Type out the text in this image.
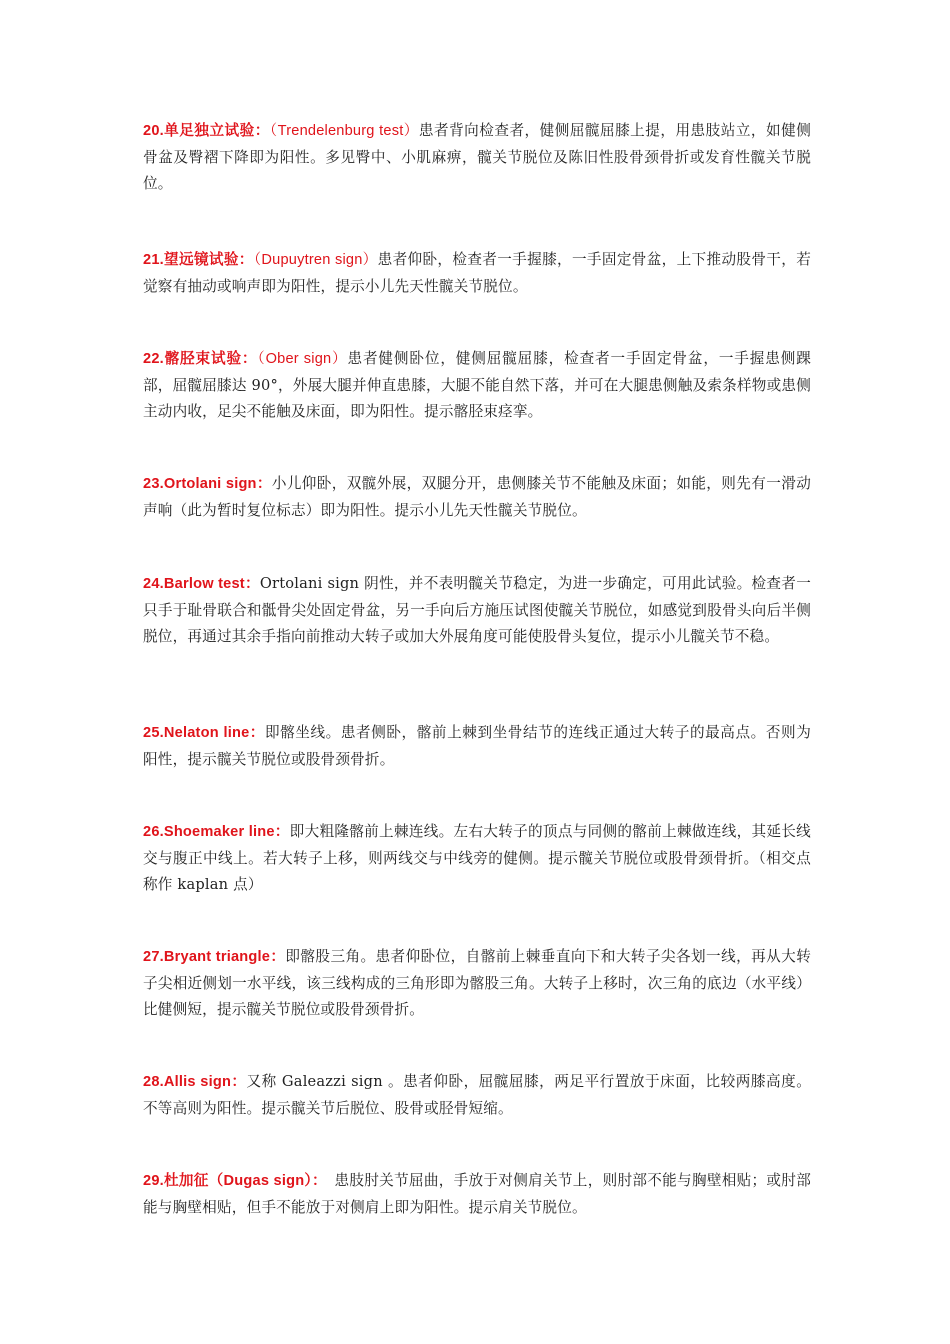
20.单足独立试验：（Trendelenburg test）患者背向检查者，健侧屈髋屈膝上提，用患肢站立，如健侧骨盆及臀褶下降即为阳性。多见臀中、小肌麻痹，髋关节脱位及陈旧性股骨颈骨折或发育性髋关节脱位。

21.望远镜试验：（Dupuytren sign）患者仰卧，检查者一手握膝，一手固定骨盆，上下推动股骨干，若觉察有抽动或响声即为阳性，提示小儿先天性髋关节脱位。

22.髂胫束试验：（Ober sign）患者健侧卧位，健侧屈髋屈膝，检查者一手固定骨盆，一手握患侧踝部，屈髋屈膝达 90°，外展大腿并伸直患膝，大腿不能自然下落，并可在大腿患侧触及索条样物或患侧主动内收，足尖不能触及床面，即为阳性。提示髂胫束痉挛。

23.Ortolani sign：小儿仰卧，双髋外展，双腿分开，患侧膝关节不能触及床面；如能，则先有一滑动声响（此为暂时复位标志）即为阳性。提示小儿先天性髋关节脱位。

24.Barlow test：Ortolani sign 阴性，并不表明髋关节稳定，为进一步确定，可用此试验。检查者一只手于耻骨联合和骶骨尖处固定骨盆，另一手向后方施压试图使髋关节脱位，如感觉到股骨头向后半侧脱位，再通过其余手指向前推动大转子或加大外展角度可能使股骨头复位，提示小儿髋关节不稳。

25.Nelaton line：即髂坐线。患者侧卧，髂前上棘到坐骨结节的连线正通过大转子的最高点。否则为阳性，提示髋关节脱位或股骨颈骨折。

26.Shoemaker line：即大粗隆髂前上棘连线。左右大转子的顶点与同侧的髂前上棘做连线，其延长线交与腹正中线上。若大转子上移，则两线交与中线旁的健侧。提示髋关节脱位或股骨颈骨折。（相交点称作 kaplan 点）

27.Bryant triangle：即髂股三角。患者仰卧位，自髂前上棘垂直向下和大转子尖各划一线，再从大转子尖相近侧划一水平线，该三线构成的三角形即为髂股三角。大转子上移时，次三角的底边（水平线）比健侧短，提示髋关节脱位或股骨颈骨折。

28.Allis sign：又称 Galeazzi sign 。患者仰卧，屈髋屈膝，两足平行置放于床面，比较两膝高度。不等高则为阳性。提示髋关节后脱位、股骨或胫骨短缩。

29.杜加征（Dugas sign）：　患肢肘关节屈曲，手放于对侧肩关节上，则肘部不能与胸壁相贴；或肘部能与胸壁相贴，但手不能放于对侧肩上即为阳性。提示肩关节脱位。
